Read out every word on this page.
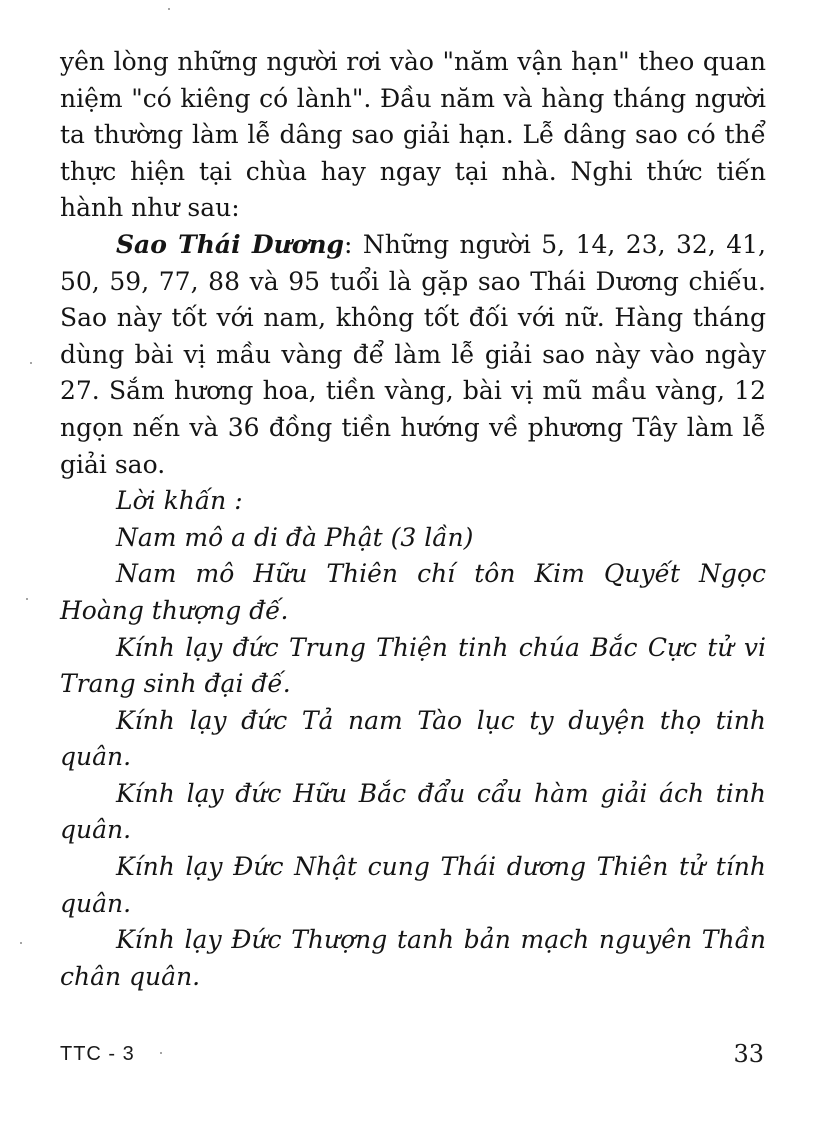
yên lòng những người rơi vào "năm vận hạn" theo quan niệm "có kiêng có lành". Đầu năm và hàng tháng người ta thường làm lễ dâng sao giải hạn. Lễ dâng sao có thể thực hiện tại chùa hay ngay tại nhà. Nghi thức tiến hành như sau:

Sao Thái Dương: Những người 5, 14, 23, 32, 41, 50, 59, 77, 88 và 95 tuổi là gặp sao Thái Dương chiếu. Sao này tốt với nam, không tốt đối với nữ. Hàng tháng dùng bài vị mầu vàng để làm lễ giải sao này vào ngày 27. Sắm hương hoa, tiền vàng, bài vị mũ mầu vàng, 12 ngọn nến và 36 đồng tiền hướng về phương Tây làm lễ giải sao.

Lời khấn :

Nam mô a di đà Phật (3 lần)

Nam mô Hữu Thiên chí tôn Kim Quyết Ngọc Hoàng thượng đế.

Kính lạy đức Trung Thiện tinh chúa Bắc Cực tử vi Trang sinh đại đế.

Kính lạy đức Tả nam Tào lục ty duyện thọ tinh quân.

Kính lạy đức Hữu Bắc đẩu cẩu hàm giải ách tinh quân.

Kính lạy Đức Nhật cung Thái dương Thiên tử tính quân.

Kính lạy Đức Thượng tanh bản mạch nguyên Thần chân quân.

TTC - 3	33
